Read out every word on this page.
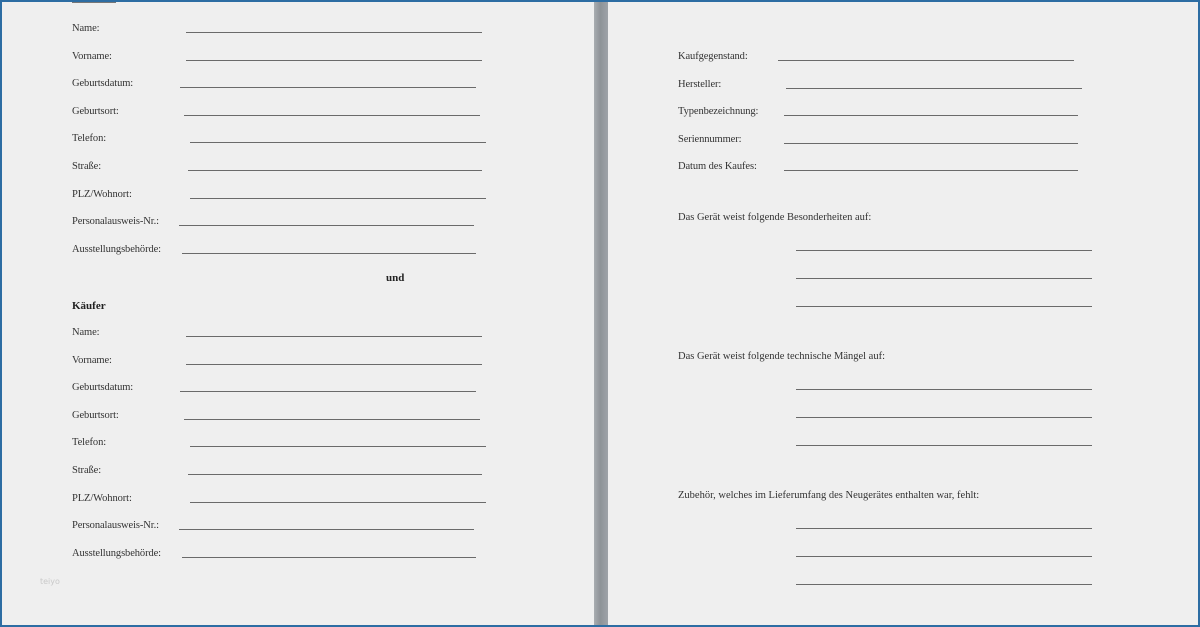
Name:
Vorname:
Geburtsdatum:
Geburtsort:
Telefon:
Straße:
PLZ/Wohnort:
Personalausweis-Nr.:
Ausstellungsbehörde:
und
Käufer
Name:
Vorname:
Geburtsdatum:
Geburtsort:
Telefon:
Straße:
PLZ/Wohnort:
Personalausweis-Nr.:
Ausstellungsbehörde:
teiyo
Kaufgegenstand:
Hersteller:
Typenbezeichnung:
Seriennummer:
Datum des Kaufes:
Das Gerät weist folgende Besonderheiten auf:
Das Gerät weist folgende technische Mängel auf:
Zubehör, welches im Lieferumfang des Neugerätes enthalten war, fehlt:
